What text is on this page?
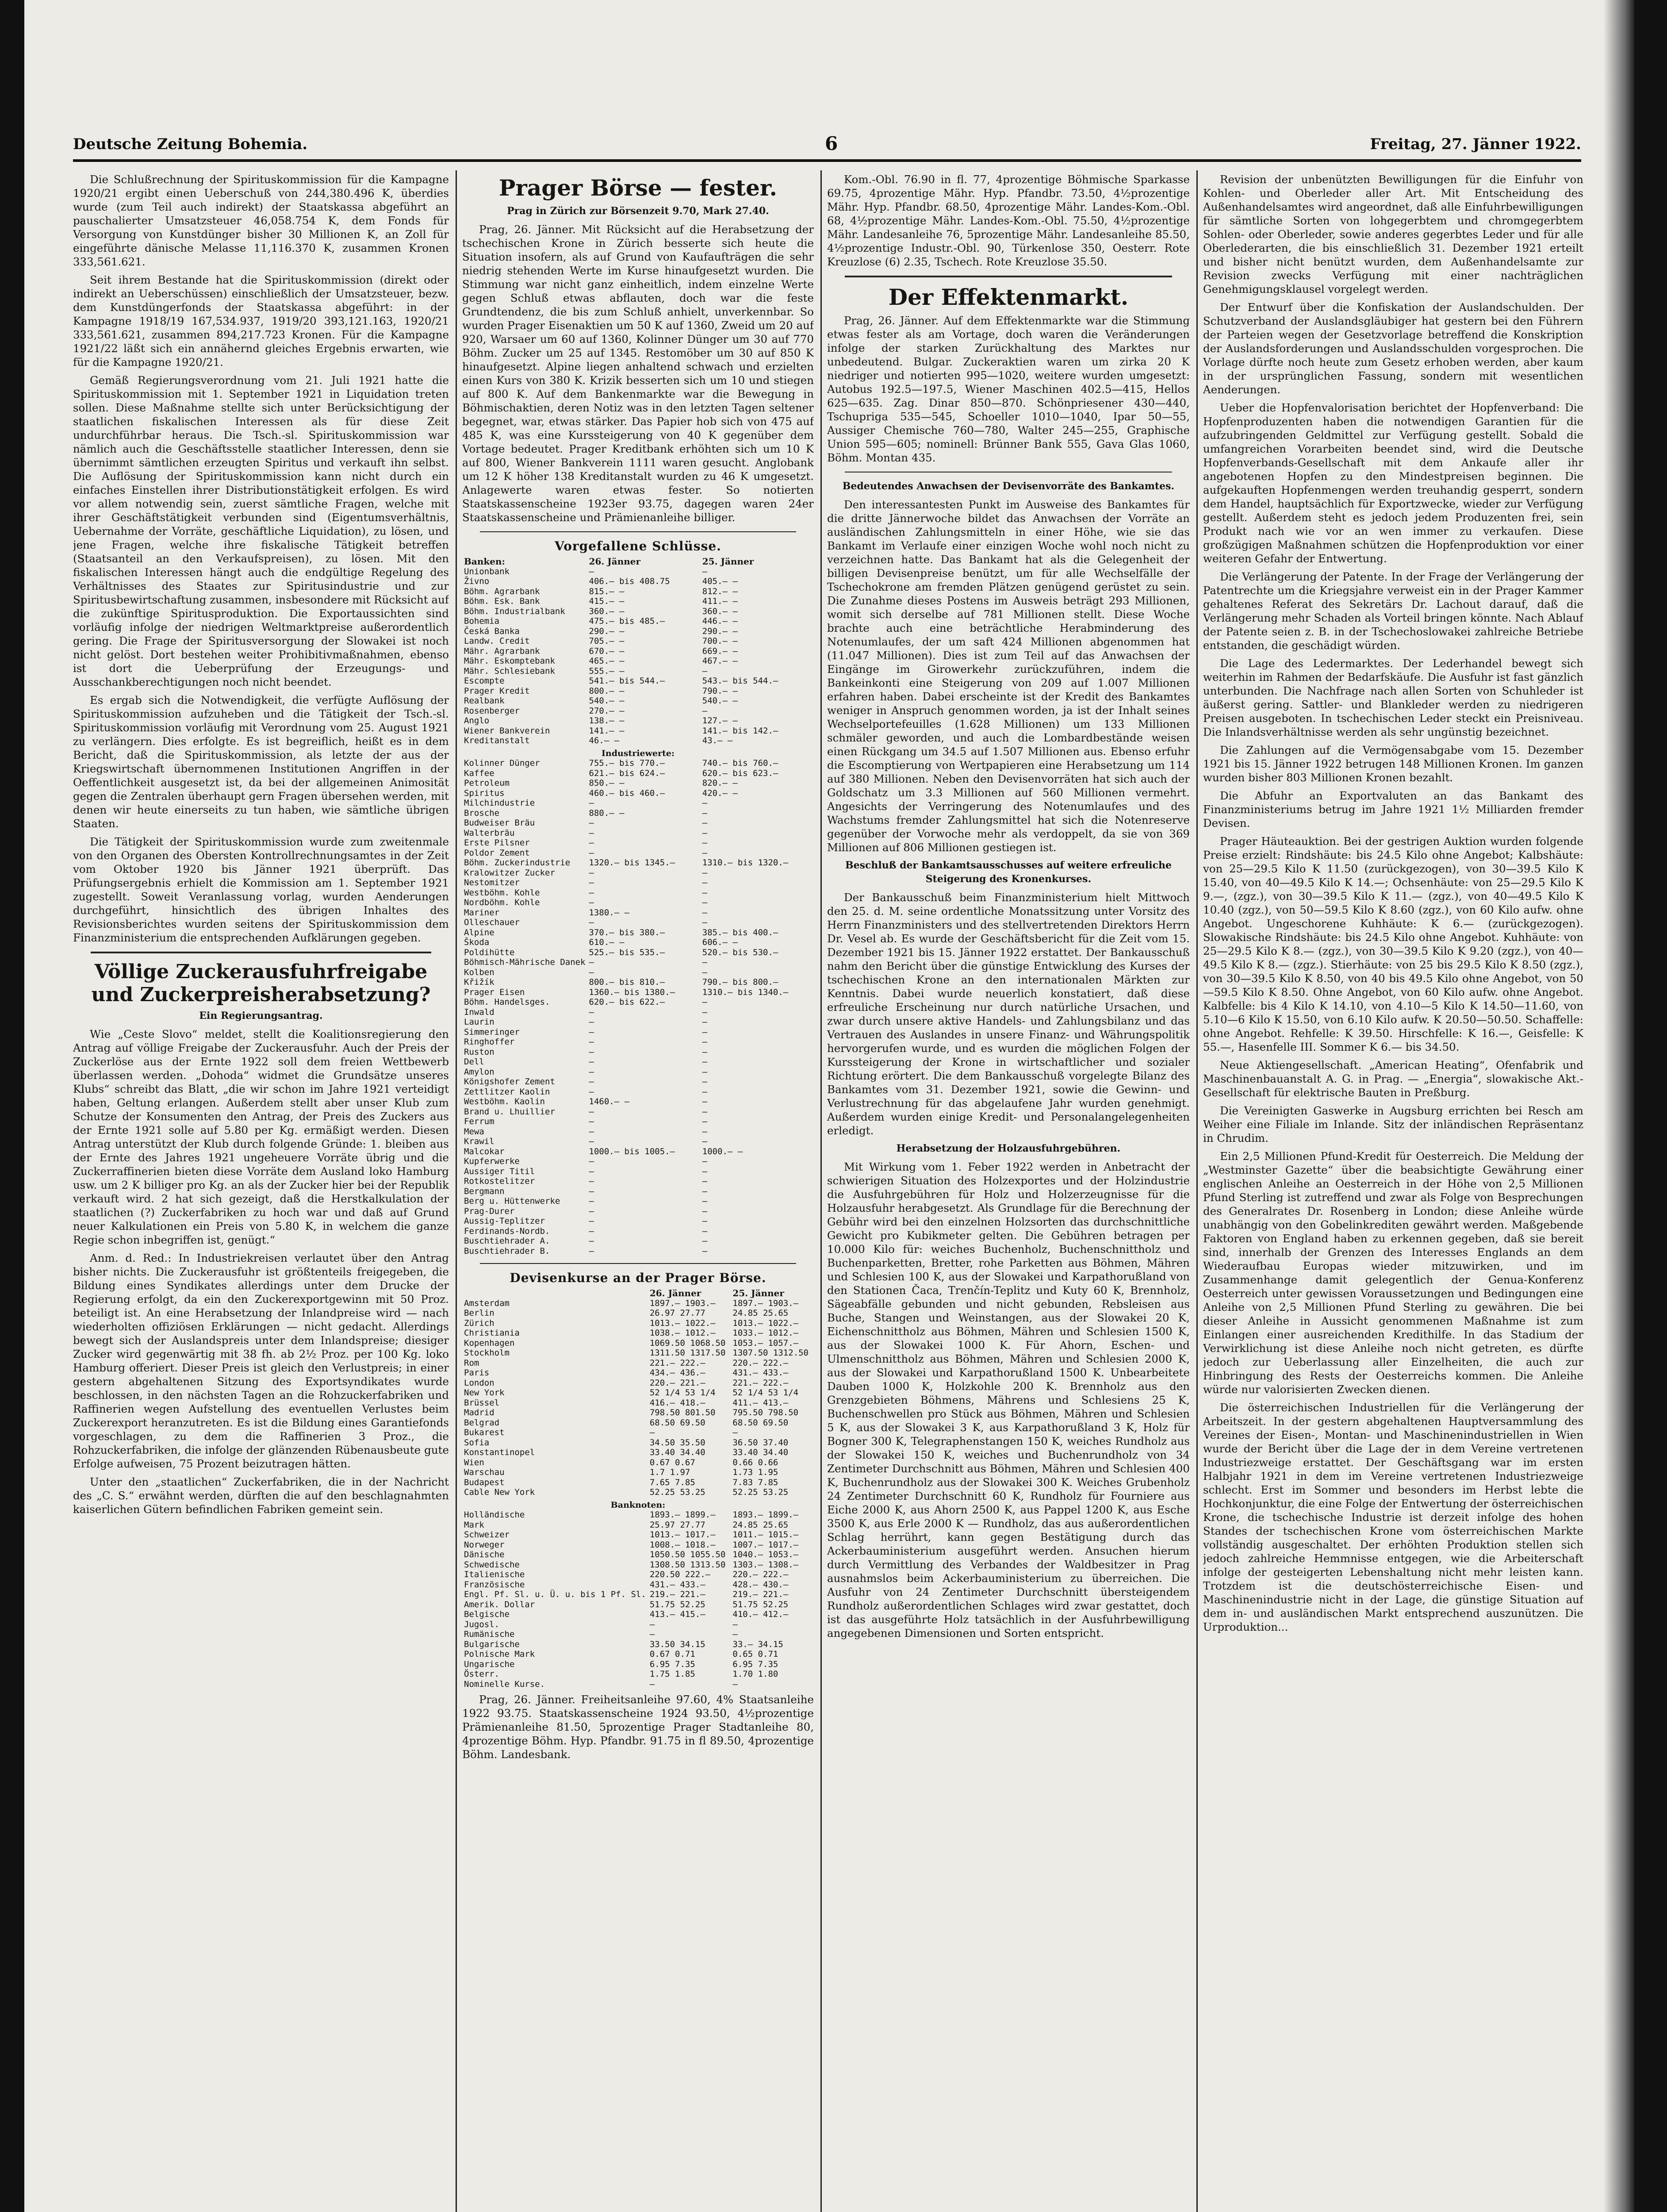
Deutsche Zeitung Bohemia.	6	Freitag, 27. Jänner 1922.

Die Schlußrechnung der Spirituskommission für die Kampagne 1920/21 ergibt einen Ueberschuß von 244,380.496 K, überdies wurde (zum Teil auch indirekt) der Staatskassa abgeführt an pauschalierter Umsatzsteuer 46,058.754 K, dem Fonds für Versorgung von Kunstdünger bisher 30 Millionen K, an Zoll für eingeführte dänische Melasse 11,116.370 K, zusammen Kronen 333,561.621.

Seit ihrem Bestande hat die Spirituskommission (direkt oder indirekt an Ueberschüssen) einschließlich der Umsatzsteuer, bezw. dem Kunstdüngerfonds der Staatskassa abgeführt: in der Kampagne 1918/19 167,534.937, 1919/20 393,121.163, 1920/21 333,561.621, zusammen 894,217.723 Kronen. Für die Kampagne 1921/22 läßt sich ein annähernd gleiches Ergebnis erwarten, wie für die Kampagne 1920/21.

Gemäß Regierungsverordnung vom 21. Juli 1921 hatte die Spirituskommission mit 1. September 1921 in Liquidation treten sollen. Diese Maßnahme stellte sich unter Berücksichtigung der staatlichen fiskalischen Interessen als für diese Zeit undurchführbar heraus. Die Tsch.-sl. Spirituskommission war nämlich auch die Geschäftsstelle staatlicher Interessen, denn sie übernimmt sämtlichen erzeugten Spiritus und verkauft ihn selbst. Die Auflösung der Spirituskommission kann nicht durch ein einfaches Einstellen ihrer Distributionstätigkeit erfolgen. Es wird vor allem notwendig sein, zuerst sämtliche Fragen, welche mit ihrer Geschäftstätigkeit verbunden sind (Eigentumsverhältnis, Uebernahme der Vorräte, geschäftliche Liquidation), zu lösen, und jene Fragen, welche ihre fiskalische Tätigkeit betreffen (Staatsanteil an den Verkaufspreisen), zu lösen. Mit den fiskalischen Interessen hängt auch die endgültige Regelung des Verhältnisses des Staates zur Spiritusindustrie und zur Spiritusbewirtschaftung zusammen, insbesondere mit Rücksicht auf die zukünftige Spiritusproduktion. Die Exportaussichten sind vorläufig infolge der niedrigen Weltmarktpreise außerordentlich gering. Die Frage der Spiritusversorgung der Slowakei ist noch nicht gelöst. Dort bestehen weiter Prohibitivmaßnahmen, ebenso ist dort die Ueberprüfung der Erzeugungs- und Ausschankberechtigungen noch nicht beendet.

Es ergab sich die Notwendigkeit, die verfügte Auflösung der Spirituskommission aufzuheben und die Tätigkeit der Tsch.-sl. Spirituskommission vorläufig mit Verordnung vom 25. August 1921 zu verlängern. Dies erfolgte. Es ist begreiflich, heißt es in dem Bericht, daß die Spirituskommission, als letzte der aus der Kriegswirtschaft übernommenen Institutionen Angriffen in der Oeffentlichkeit ausgesetzt ist, da bei der allgemeinen Animosität gegen die Zentralen überhaupt gern Fragen übersehen werden, mit denen wir heute einerseits zu tun haben, wie sämtliche übrigen Staaten.

Die Tätigkeit der Spirituskommission wurde zum zweitenmale von den Organen des Obersten Kontrollrechnungsamtes in der Zeit vom Oktober 1920 bis Jänner 1921 überprüft. Das Prüfungsergebnis erhielt die Kommission am 1. September 1921 zugestellt. Soweit Veranlassung vorlag, wurden Aenderungen durchgeführt, hinsichtlich des übrigen Inhaltes des Revisionsberichtes wurden seitens der Spirituskommission dem Finanzministerium die entsprechenden Aufklärungen gegeben.

Völlige Zuckerausfuhrfreigabe und Zuckerpreisherabsetzung?
Ein Regierungsantrag.

Wie „Ceste Slovo“ meldet, stellt die Koalitionsregierung den Antrag auf völlige Freigabe der Zuckerausfuhr. Auch der Preis der Zuckerlöse aus der Ernte 1922 soll dem freien Wettbewerb überlassen werden. „Dohoda“ widmet die Grundsätze unseres Klubs“ schreibt das Blatt, „die wir schon im Jahre 1921 verteidigt haben, Geltung erlangen. Außerdem stellt aber unser Klub zum Schutze der Konsumenten den Antrag, der Preis des Zuckers aus der Ernte 1921 solle auf 5.80 per Kg. ermäßigt werden. Diesen Antrag unterstützt der Klub durch folgende Gründe: 1. bleiben aus der Ernte des Jahres 1921 ungeheuere Vorräte übrig und die Zuckerraffinerien bieten diese Vorräte dem Ausland loko Hamburg usw. um 2 K billiger pro Kg. an als der Zucker hier bei der Republik verkauft wird. 2 hat sich gezeigt, daß die Herstkalkulation der staatlichen (?) Zuckerfabriken zu hoch war und daß auf Grund neuer Kalkulationen ein Preis von 5.80 K, in welchem die ganze Regie schon inbegriffen ist, genügt.“

Anm. d. Red.: In Industriekreisen verlautet über den Antrag bisher nichts. Die Zuckerausfuhr ist größtenteils freigegeben, die Bildung eines Syndikates allerdings unter dem Drucke der Regierung erfolgt, da ein den Zuckerexportgewinn mit 50 Proz. beteiligt ist. An eine Herabsetzung der Inlandpreise wird — nach wiederholten offiziösen Erklärungen — nicht gedacht. Allerdings bewegt sich der Auslandspreis unter dem Inlandspreise; diesiger Zucker wird gegenwärtig mit 38 fh. ab 2½ Proz. per 100 Kg. loko Hamburg offeriert. Dieser Preis ist gleich den Verlustpreis; in einer gestern abgehaltenen Sitzung des Exportsyndikates wurde beschlossen, in den nächsten Tagen an die Rohzuckerfabriken und Raffinerien wegen Aufstellung des eventuellen Verlustes beim Zuckerexport heranzutreten. Es ist die Bildung eines Garantiefonds vorgeschlagen, zu dem die Raffinerien 3 Proz., die Rohzuckerfabriken, die infolge der glänzenden Rübenausbeute gute Erfolge aufweisen, 75 Prozent beizutragen hätten.

Unter den „staatlichen“ Zuckerfabriken, die in der Nachricht des „C. S.“ erwähnt werden, dürften die auf den beschlagnahmten kaiserlichen Gütern befindlichen Fabriken gemeint sein.

Prager Börse — fester.
Prag in Zürich zur Börsenzeit 9.70, Mark 27.40.

Prag, 26. Jänner. Mit Rücksicht auf die Herabsetzung der tschechischen Krone in Zürich besserte sich heute die Situation insofern, als auf Grund von Kaufaufträgen die sehr niedrig stehenden Werte im Kurse hinaufgesetzt wurden. Die Stimmung war nicht ganz einheitlich, indem einzelne Werte gegen Schluß etwas abflauten, doch war die feste Grundtendenz, die bis zum Schluß anhielt, unverkennbar. So wurden Prager Eisenaktien um 50 K auf 1360, Zweid um 20 auf 920, Warsaer um 60 auf 1360, Kolinner Dünger um 30 auf 770 Böhm. Zucker um 25 auf 1345. Restomöber um 30 auf 850 K hinaufgesetzt. Alpine liegen anhaltend schwach und erzielten einen Kurs von 380 K. Krizik besserten sich um 10 und stiegen auf 800 K. Auf dem Bankenmarkte war die Bewegung in Böhmischaktien, deren Notiz was in den letzten Tagen seltener begegnet, war, etwas stärker. Das Papier hob sich von 475 auf 485 K, was eine Kurssteigerung von 40 K gegenüber dem Vortage bedeutet. Prager Kreditbank erhöhten sich um 10 K auf 800, Wiener Bankverein 1111 waren gesucht. Anglobank um 12 K höher 138 Kreditanstalt wurden zu 46 K umgesetzt. Anlagewerte waren etwas fester. So notierten Staatskassenscheine 1923er 93.75, dagegen waren 24er Staatskassenscheine und Prämienanleihe billiger.

Vorgefallene Schlüsse.
Banken:	26. Jänner	25. Jänner
Unionbank	—	—
Živno	406.— bis 408.75	405.— —
Böhm. Agrarbank	815.— —	812.— —
Böhm. Esk. Bank	415.— —	411.— —
Böhm. Industrialbank	360.— —	360.— —
Bohemia	475.— bis 485.—	446.— —
Česká Banka	290.— —	290.— —
Landw. Credit	705.— —	700.— —
Mähr. Agrarbank	670.— —	669.— —
Mähr. Eskomptebank	465.— —	467.— —
Mähr. Schlesiebank	555.— —	—
Escompte	541.— bis 544.—	543.— bis 544.—
Prager Kredit	800.— —	790.— —
Realbank	540.— —	540.— —
Rosenberger	270.— —	—
Anglo	138.— —	127.— —
Wiener Bankverein	141.— —	141.— bis 142.—
Kreditanstalt	46.— —	43.— —
Industriewerte:		
Kolinner Dünger	755.— bis 770.—	740.— bis 760.—
Kaffee	621.— bis 624.—	620.— bis 623.—
Petroleum	850.— —	820.— —
Spiritus	460.— bis 460.—	420.— —
Milchindustrie	—	—
Brosche	880.— —	—
Budweiser Bräu	—	—
Walterbräu	—	—
Erste Pilsner	—	—
Poldor Zement	—	—
Böhm. Zuckerindustrie	1320.— bis 1345.—	1310.— bis 1320.—
Kralowitzer Zucker	—	—
Nestomitzer	—	—
Westböhm. Kohle	—	—
Nordböhm. Kohle	—	—
Mariner	1380.— —	—
Olleschauer	—	—
Alpine	370.— bis 380.—	385.— bis 400.—
Škoda	610.— —	606.— —
Poldihütte	525.— bis 535.—	520.— bis 530.—
Böhmisch-Mährische Danek	—	—
Kolben	—	—
Křižík	800.— bis 810.—	790.— bis 800.—
Prager Eisen	1360.— bis 1380.—	1310.— bis 1340.—
Böhm. Handelsges.	620.— bis 622.—	—
Inwald	—	—
Laurin	—	—
Simmeringer	—	—
Ringhoffer	—	—
Ruston	—	—
Dell	—	—
Amylon	—	—
Königshofer Zement	—	—
Zettlitzer Kaolin	—	—
Westböhm. Kaolin	1460.— —	—
Brand u. Lhuillier	—	—
Ferrum	—	—
Mewa	—	—
Krawil	—	—
Malcokar	1000.— bis 1005.—	1000.— —
Kupferwerke	—	—
Aussiger Titil	—	—
Rotkostelitzer	—	—
Bergmann	—	—
Berg u. Hüttenwerke	—	—
Prag-Durer	—	—
Aussig-Teplitzer	—	—
Ferdinands-Nordb.	—	—
Buschtiehrader A.	—	—
Buschtiehrader B.	—	—
Devisenkurse an der Prager Börse.
	26. Jänner	25. Jänner
Amsterdam	1897.— 1903.—	1897.— 1903.—
Berlin	26.97 27.77	24.85 25.65
Zürich	1013.— 1022.—	1013.— 1022.—
Christiania	1038.— 1012.—	1033.— 1012.—
Kopenhagen	1069.50 1068.50	1053.— 1057.—
Stockholm	1311.50 1317.50	1307.50 1312.50
Rom	221.— 222.—	220.— 222.—
Paris	434.— 436.—	431.— 433.—
London	220.— 221.—	221.— 222.—
New York	52 1/4 53 1/4	52 1/4 53 1/4
Brüssel	416.— 418.—	411.— 413.—
Madrid	798.50 801.50	795.50 798.50
Belgrad	68.50 69.50	68.50 69.50
Bukarest	—	—
Sofia	34.50 35.50	36.50 37.40
Konstantinopel	33.40 34.40	33.40 34.40
Wien	0.67 0.67	0.66 0.66
Warschau	1.7 1.97	1.73 1.95
Budapest	7.65 7.85	7.83 7.85
Cable New York	52.25 53.25	52.25 53.25
Banknoten:		
Holländische	1893.— 1899.—	1893.— 1899.—
Mark	25.97 27.77	24.85 25.65
Schweizer	1013.— 1017.—	1011.— 1015.—
Norweger	1008.— 1018.—	1007.— 1017.—
Dänische	1050.50 1055.50	1040.— 1053.—
Schwedische	1308.50 1313.50	1303.— 1308.—
Italienische	220.50 222.—	220.— 222.—
Französische	431.— 433.—	428.— 430.—
Engl. Pf. Sl. u. Ü. u. bis 1 Pf. Sl.	219.— 221.—	219.— 221.—
Amerik. Dollar	51.75 52.25	51.75 52.25
Belgische	413.— 415.—	410.— 412.—
Jugosl.	—	—
Rumänische	—	—
Bulgarische	33.50 34.15	33.— 34.15
Polnische Mark	0.67 0.71	0.65 0.71
Ungarische	6.95 7.35	6.95 7.35
Österr.	1.75 1.85	1.70 1.80
Nominelle Kurse.	—	—

Prag, 26. Jänner. Freiheitsanleihe 97.60, 4% Staatsanleihe 1922 93.75. Staatskassenscheine 1924 93.50, 4½prozentige Prämienanleihe 81.50, 5prozentige Prager Stadtanleihe 80, 4prozentige Böhm. Hyp. Pfandbr. 91.75 in fl 89.50, 4prozentige Böhm. Landesbank.

Kom.-Obl. 76.90 in fl. 77, 4prozentige Böhmische Sparkasse 69.75, 4prozentige Mähr. Hyp. Pfandbr. 73.50, 4½prozentige Mähr. Hyp. Pfandbr. 68.50, 4prozentige Mähr. Landes-Kom.-Obl. 68, 4½prozentige Mähr. Landes-Kom.-Obl. 75.50, 4½prozentige Mähr. Landesanleihe 76, 5prozentige Mähr. Landesanleihe 85.50, 4½prozentige Industr.-Obl. 90, Türkenlose 350, Oesterr. Rote Kreuzlose (6) 2.35, Tschech. Rote Kreuzlose 35.50.

Der Effektenmarkt.

Prag, 26. Jänner. Auf dem Effektenmarkte war die Stimmung etwas fester als am Vortage, doch waren die Veränderungen infolge der starken Zurückhaltung des Marktes nur unbedeutend. Bulgar. Zuckeraktien waren um zirka 20 K niedriger und notierten 995—1020, weitere wurden umgesetzt: Autobus 192.5—197.5, Wiener Maschinen 402.5—415, Hellos 625—635. Zag. Dinar 850—870. Schönpriesener 430—440, Tschupriga 535—545, Schoeller 1010—1040, Ipar 50—55, Aussiger Chemische 760—780, Walter 245—255, Graphische Union 595—605; nominell: Brünner Bank 555, Gava Glas 1060, Böhm. Montan 435.

Bedeutendes Anwachsen der Devisenvorräte des Bankamtes.

Den interessantesten Punkt im Ausweise des Bankamtes für die dritte Jännerwoche bildet das Anwachsen der Vorräte an ausländischen Zahlungsmitteln in einer Höhe, wie sie das Bankamt im Verlaufe einer einzigen Woche wohl noch nicht zu verzeichnen hatte. Das Bankamt hat als die Gelegenheit der billigen Devisenpreise benützt, um für alle Wechselfälle der Tschechokrone am fremden Plätzen genügend gerüstet zu sein. Die Zunahme dieses Postens im Ausweis beträgt 293 Millionen, womit sich derselbe auf 781 Millionen stellt. Diese Woche brachte auch eine beträchtliche Herabminderung des Notenumlaufes, der um saft 424 Millionen abgenommen hat (11.047 Millionen). Dies ist zum Teil auf das Anwachsen der Eingänge im Girowerkehr zurückzuführen, indem die Bankeinkonti eine Steigerung von 209 auf 1.007 Millionen erfahren haben. Dabei erscheinte ist der Kredit des Bankamtes weniger in Anspruch genommen worden, ja ist der Inhalt seines Wechselportefeuilles (1.628 Millionen) um 133 Millionen schmäler geworden, und auch die Lombardbestände weisen einen Rückgang um 34.5 auf 1.507 Millionen aus. Ebenso erfuhr die Escomptierung von Wertpapieren eine Herabsetzung um 114 auf 380 Millionen. Neben den Devisenvorräten hat sich auch der Goldschatz um 3.3 Millionen auf 560 Millionen vermehrt. Angesichts der Verringerung des Notenumlaufes und des Wachstums fremder Zahlungsmittel hat sich die Notenreserve gegenüber der Vorwoche mehr als verdoppelt, da sie von 369 Millionen auf 806 Millionen gestiegen ist.

Beschluß der Bankamtsausschusses auf weitere erfreuliche Steigerung des Kronenkurses.

Der Bankausschuß beim Finanzministerium hielt Mittwoch den 25. d. M. seine ordentliche Monatssitzung unter Vorsitz des Herrn Finanzministers und des stellvertretenden Direktors Herrn Dr. Vesel ab. Es wurde der Geschäftsbericht für die Zeit vom 15. Dezember 1921 bis 15. Jänner 1922 erstattet. Der Bankausschuß nahm den Bericht über die günstige Entwicklung des Kurses der tschechischen Krone an den internationalen Märkten zur Kenntnis. Dabei wurde neuerlich konstatiert, daß diese erfreuliche Erscheinung nur durch natürliche Ursachen, und zwar durch unsere aktive Handels- und Zahlungsbilanz und das Vertrauen des Auslandes in unsere Finanz- und Währungspolitik hervorgerufen wurde, und es wurden die möglichen Folgen der Kurssteigerung der Krone in wirtschaftlicher und sozialer Richtung erörtert. Die dem Bankausschuß vorgelegte Bilanz des Bankamtes vom 31. Dezember 1921, sowie die Gewinn- und Verlustrechnung für das abgelaufene Jahr wurden genehmigt. Außerdem wurden einige Kredit- und Personalangelegenheiten erledigt.

Herabsetzung der Holzausfuhrgebühren.

Mit Wirkung vom 1. Feber 1922 werden in Anbetracht der schwierigen Situation des Holzexportes und der Holzindustrie die Ausfuhrgebühren für Holz und Holzerzeugnisse für die Holzausfuhr herabgesetzt. Als Grundlage für die Berechnung der Gebühr wird bei den einzelnen Holzsorten das durchschnittliche Gewicht pro Kubikmeter gelten. Die Gebühren betragen per 10.000 Kilo für: weiches Buchenholz, Buchenschnittholz und Buchenparketten, Bretter, rohe Parketten aus Böhmen, Mähren und Schlesien 100 K, aus der Slowakei und Karpathorußland von den Stationen Čaca, Trenčín-Teplitz und Kuty 60 K, Brennholz, Sägeabfälle gebunden und nicht gebunden, Rebsleisen aus Buche, Stangen und Weinstangen, aus der Slowakei 20 K, Eichenschnittholz aus Böhmen, Mähren und Schlesien 1500 K, aus der Slowakei 1000 K. Für Ahorn, Eschen- und Ulmenschnittholz aus Böhmen, Mähren und Schlesien 2000 K, aus der Slowakei und Karpathorußland 1500 K. Unbearbeitete Dauben 1000 K, Holzkohle 200 K. Brennholz aus den Grenzgebieten Böhmens, Mährens und Schlesiens 25 K, Buchenschwellen pro Stück aus Böhmen, Mähren und Schlesien 5 K, aus der Slowakei 3 K, aus Karpathorußland 3 K, Holz für Bogner 300 K, Telegraphenstangen 150 K, weiches Rundholz aus der Slowakei 150 K, weiches und Buchenrundholz von 34 Zentimeter Durchschnitt aus Böhmen, Mähren und Schlesien 400 K, Buchenrundholz aus der Slowakei 300 K. Weiches Grubenholz 24 Zentimeter Durchschnitt 60 K, Rundholz für Fourniere aus Eiche 2000 K, aus Ahorn 2500 K, aus Pappel 1200 K, aus Esche 3500 K, aus Erle 2000 K — Rundholz, das aus außerordentlichen Schlag herrührt, kann gegen Bestätigung durch das Ackerbauministerium ausgeführt werden. Ansuchen hierum durch Vermittlung des Verbandes der Waldbesitzer in Prag ausnahmslos beim Ackerbauministerium zu überreichen. Die Ausfuhr von 24 Zentimeter Durchschnitt übersteigendem Rundholz außerordentlichen Schlages wird zwar gestattet, doch ist das ausgeführte Holz tatsächlich in der Ausfuhrbewilligung angegebenen Dimensionen und Sorten entspricht.

Revision der unbenützten Bewilligungen für die Einfuhr von Kohlen- und Oberleder aller Art. Mit Entscheidung des Außenhandelsamtes wird angeordnet, daß alle Einfuhrbewilligungen für sämtliche Sorten von lohgegerbtem und chromgegerbtem Sohlen- oder Oberleder, sowie anderes gegerbtes Leder und für alle Oberlederarten, die bis einschließlich 31. Dezember 1921 erteilt und bisher nicht benützt wurden, dem Außenhandelsamte zur Revision zwecks Verfügung mit einer nachträglichen Genehmigungsklausel vorgelegt werden.

Der Entwurf über die Konfiskation der Auslandschulden. Der Schutzverband der Auslandsgläubiger hat gestern bei den Führern der Parteien wegen der Gesetzvorlage betreffend die Konskription der Auslandsforderungen und Auslandsschulden vorgesprochen. Die Vorlage dürfte noch heute zum Gesetz erhoben werden, aber kaum in der ursprünglichen Fassung, sondern mit wesentlichen Aenderungen.

Ueber die Hopfenvalorisation berichtet der Hopfenverband: Die Hopfenproduzenten haben die notwendigen Garantien für die aufzubringenden Geldmittel zur Verfügung gestellt. Sobald die umfangreichen Vorarbeiten beendet sind, wird die Deutsche Hopfenverbands-Gesellschaft mit dem Ankaufe aller ihr angebotenen Hopfen zu den Mindestpreisen beginnen. Die aufgekauften Hopfenmengen werden treuhandig gesperrt, sondern dem Handel, hauptsächlich für Exportzwecke, wieder zur Verfügung gestellt. Außerdem steht es jedoch jedem Produzenten frei, sein Produkt nach wie vor an wen immer zu verkaufen. Diese großzügigen Maßnahmen schützen die Hopfenproduktion vor einer weiteren Gefahr der Entwertung.

Die Verlängerung der Patente. In der Frage der Verlängerung der Patentrechte um die Kriegsjahre verweist ein in der Prager Kammer gehaltenes Referat des Sekretärs Dr. Lachout darauf, daß die Verlängerung mehr Schaden als Vorteil bringen könnte. Nach Ablauf der Patente seien z. B. in der Tschechoslowakei zahlreiche Betriebe entstanden, die geschädigt würden.

Die Lage des Ledermarktes. Der Lederhandel bewegt sich weiterhin im Rahmen der Bedarfskäufe. Die Ausfuhr ist fast gänzlich unterbunden. Die Nachfrage nach allen Sorten von Schuhleder ist äußerst gering. Sattler- und Blankleder werden zu niedrigeren Preisen ausgeboten. In tschechischen Leder steckt ein Preisniveau. Die Inlandsverhältnisse werden als sehr ungünstig bezeichnet.

Die Zahlungen auf die Vermögensabgabe vom 15. Dezember 1921 bis 15. Jänner 1922 betrugen 148 Millionen Kronen. Im ganzen wurden bisher 803 Millionen Kronen bezahlt.

Die Abfuhr an Exportvaluten an das Bankamt des Finanzministeriums betrug im Jahre 1921 1½ Milliarden fremder Devisen.

Prager Häuteauktion. Bei der gestrigen Auktion wurden folgende Preise erzielt: Rindshäute: bis 24.5 Kilo ohne Angebot; Kalbshäute: von 25—29.5 Kilo K 11.50 (zurückgezogen), von 30—39.5 Kilo K 15.40, von 40—49.5 Kilo K 14.—; Ochsenhäute: von 25—29.5 Kilo K 9.—, (zgz.), von 30—39.5 Kilo K 11.— (zgz.), von 40—49.5 Kilo K 10.40 (zgz.), von 50—59.5 Kilo K 8.60 (zgz.), von 60 Kilo aufw. ohne Angebot. Ungeschorene Kuhhäute: K 6.— (zurückgezogen). Slowakische Rindshäute: bis 24.5 Kilo ohne Angebot. Kuhhäute: von 25—29.5 Kilo K 8.— (zgz.), von 30—39.5 Kilo K 9.20 (zgz.), von 40—49.5 Kilo K 8.— (zgz.). Stierhäute: von 25 bis 29.5 Kilo K 8.50 (zgz.), von 30—39.5 Kilo K 8.50, von 40 bis 49.5 Kilo ohne Angebot, von 50—59.5 Kilo K 8.50. Ohne Angebot, von 60 Kilo aufw. ohne Angebot. Kalbfelle: bis 4 Kilo K 14.10, von 4.10—5 Kilo K 14.50—11.60, von 5.10—6 Kilo K 15.50, von 6.10 Kilo aufw. K 20.50—50.50. Schaffelle: ohne Angebot. Rehfelle: K 39.50. Hirschfelle: K 16.—, Geisfelle: K 55.—, Hasenfelle III. Sommer K 6.— bis 34.50.

Neue Aktiengesellschaft. „American Heating“, Ofenfabrik und Maschinenbauanstalt A. G. in Prag. — „Energia“, slowakische Akt.-Gesellschaft für elektrische Bauten in Preßburg.

Die Vereinigten Gaswerke in Augsburg errichten bei Resch am Weiher eine Filiale im Inlande. Sitz der inländischen Repräsentanz in Chrudim.

Ein 2,5 Millionen Pfund-Kredit für Oesterreich. Die Meldung der „Westminster Gazette“ über die beabsichtigte Gewährung einer englischen Anleihe an Oesterreich in der Höhe von 2,5 Millionen Pfund Sterling ist zutreffend und zwar als Folge von Besprechungen des Generalrates Dr. Rosenberg in London; diese Anleihe würde unabhängig von den Gobelinkrediten gewährt werden. Maßgebende Faktoren von England haben zu erkennen gegeben, daß sie bereit sind, innerhalb der Grenzen des Interesses Englands an dem Wiederaufbau Europas wieder mitzuwirken, und im Zusammenhange damit gelegentlich der Genua-Konferenz Oesterreich unter gewissen Voraussetzungen und Bedingungen eine Anleihe von 2,5 Millionen Pfund Sterling zu gewähren. Die bei dieser Anleihe in Aussicht genommenen Maßnahme ist zum Einlangen einer ausreichenden Kredithilfe. In das Stadium der Verwirklichung ist diese Anleihe noch nicht getreten, es dürfte jedoch zur Ueberlassung aller Einzelheiten, die auch zur Hinbringung des Rests der Oesterreichs kommen. Die Anleihe würde nur valorisierten Zwecken dienen.

Die österreichischen Industriellen für die Verlängerung der Arbeitszeit. In der gestern abgehaltenen Hauptversammlung des Vereines der Eisen-, Montan- und Maschinenindustriellen in Wien wurde der Bericht über die Lage der in dem Vereine vertretenen Industriezweige erstattet. Der Geschäftsgang war im ersten Halbjahr 1921 in dem im Vereine vertretenen Industriezweige schlecht. Erst im Sommer und besonders im Herbst lebte die Hochkonjunktur, die eine Folge der Entwertung der österreichischen Krone, die tschechische Industrie ist derzeit infolge des hohen Standes der tschechischen Krone vom österreichischen Markte vollständig ausgeschaltet. Der erhöhten Produktion stellen sich jedoch zahlreiche Hemmnisse entgegen, wie die Arbeiterschaft infolge der gesteigerten Lebenshaltung nicht mehr leisten kann. Trotzdem ist die deutschösterreichische Eisen- und Maschinenindustrie nicht in der Lage, die günstige Situation auf dem in- und ausländischen Markt entsprechend auszunützen. Die Urproduktion...
